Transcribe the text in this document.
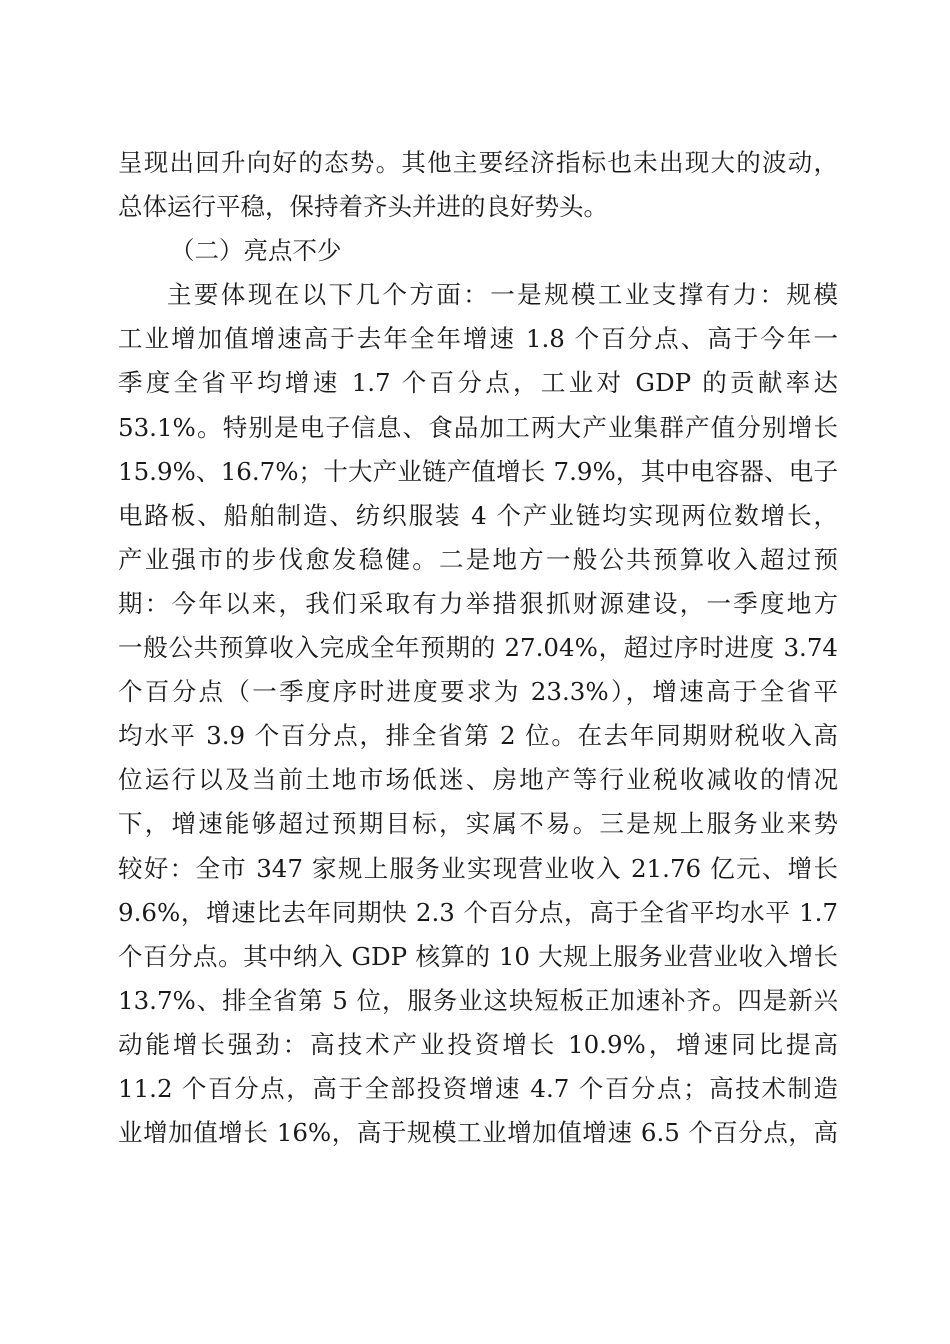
呈现出回升向好的态势。其他主要经济指标也未出现大的波动，
总体运行平稳，保持着齐头并进的良好势头。
（二）亮点不少
主要体现在以下几个方面：一是规模工业支撑有力：规模
工业增加值增速高于去年全年增速 1.8 个百分点、高于今年一
季度全省平均增速 1.7 个百分点，工业对 GDP 的贡献率达
53.1%。特别是电子信息、食品加工两大产业集群产值分别增长
15.9%、16.7%；十大产业链产值增长 7.9%，其中电容器、电子
电路板、船舶制造、纺织服装 4 个产业链均实现两位数增长，
产业强市的步伐愈发稳健。二是地方一般公共预算收入超过预
期：今年以来，我们采取有力举措狠抓财源建设，一季度地方
一般公共预算收入完成全年预期的 27.04%，超过序时进度 3.74
个百分点（一季度序时进度要求为 23.3%），增速高于全省平
均水平 3.9 个百分点，排全省第 2 位。在去年同期财税收入高
位运行以及当前土地市场低迷、房地产等行业税收减收的情况
下，增速能够超过预期目标，实属不易。三是规上服务业来势
较好：全市 347 家规上服务业实现营业收入 21.76 亿元、增长
9.6%，增速比去年同期快 2.3 个百分点，高于全省平均水平 1.7
个百分点。其中纳入 GDP 核算的 10 大规上服务业营业收入增长
13.7%、排全省第 5 位，服务业这块短板正加速补齐。四是新兴
动能增长强劲：高技术产业投资增长 10.9%，增速同比提高
11.2 个百分点，高于全部投资增速 4.7 个百分点；高技术制造
业增加值增长 16%，高于规模工业增加值增速 6.5 个百分点，高
